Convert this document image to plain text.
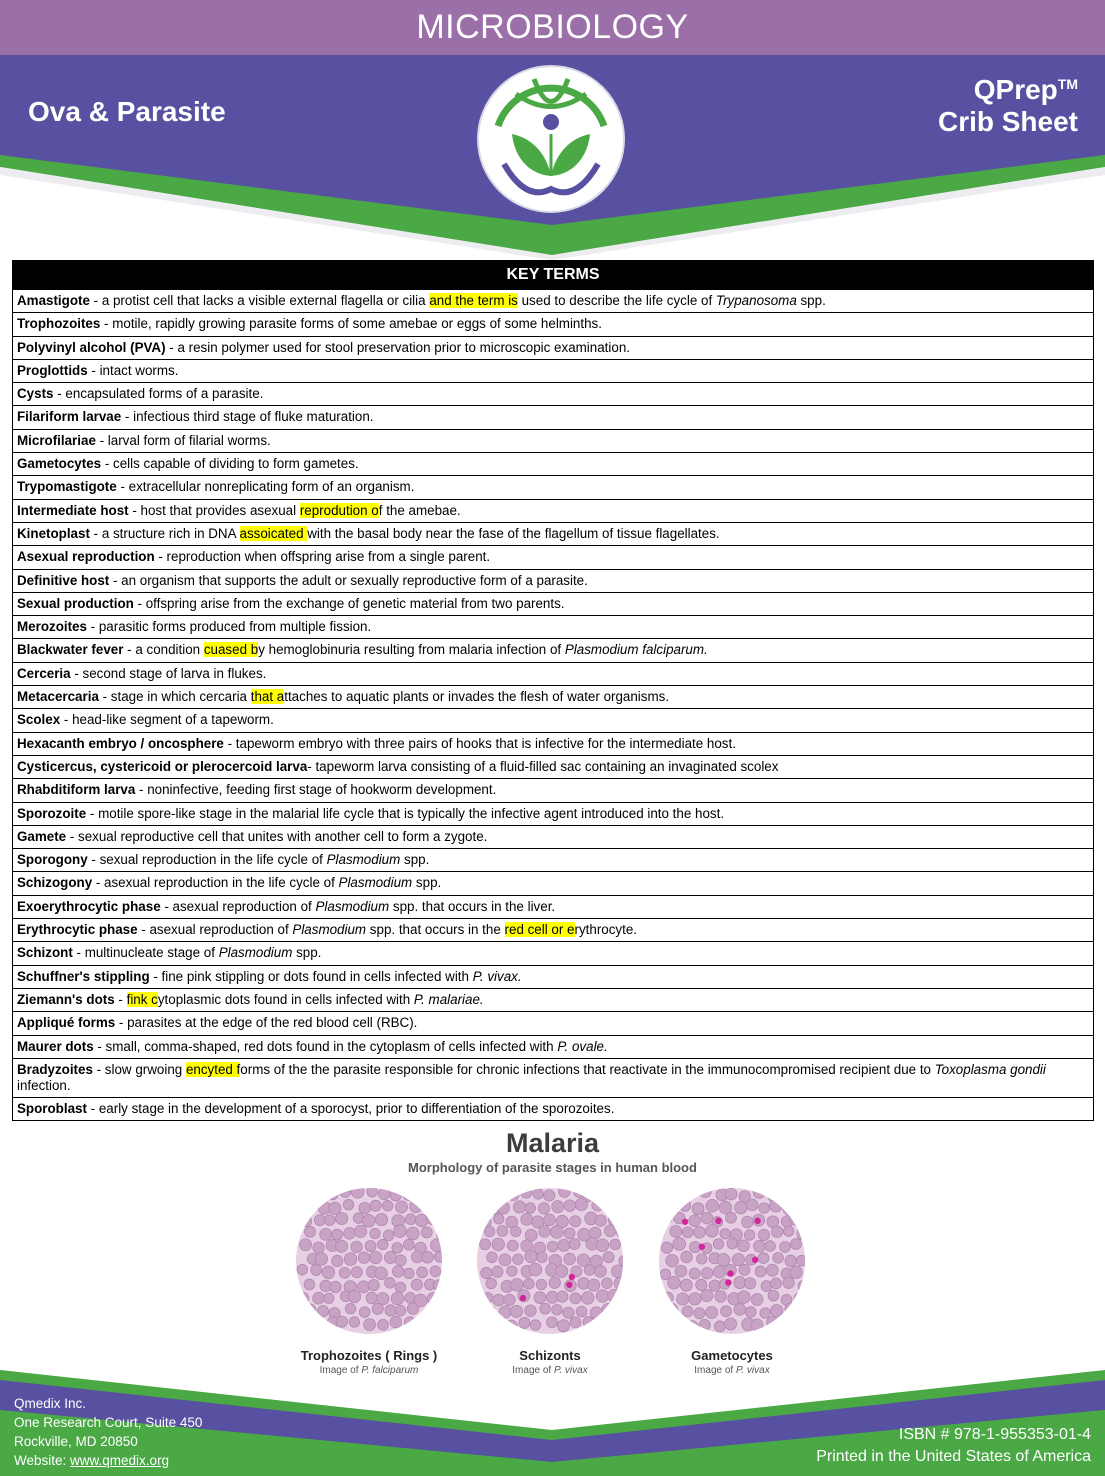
MICROBIOLOGY
Ova & Parasite
QPrep™
Crib Sheet
KEY TERMS
Amastigote - a protist cell that lacks a visible external flagella or cilia and the term is used to describe the life cycle of Trypanosoma spp.
Trophozoites - motile, rapidly growing parasite forms of some amebae or eggs of some helminths.
Polyvinyl alcohol (PVA) - a resin polymer used for stool preservation prior to microscopic examination.
Proglottids - intact worms.
Cysts - encapsulated forms of a parasite.
Filariform larvae - infectious third stage of fluke maturation.
Microfilariae - larval form of filarial worms.
Gametocytes - cells capable of dividing to form gametes.
Trypomastigote - extracellular nonreplicating form of an organism.
Intermediate host - host that provides asexual reprodution of the amebae.
Kinetoplast - a structure rich in DNA assoicated with the basal body near the fase of the flagellum of tissue flagellates.
Asexual reproduction - reproduction when offspring arise from a single parent.
Definitive host - an organism that supports the adult or sexually reproductive form of a parasite.
Sexual production - offspring arise from the exchange of genetic material from two parents.
Merozoites - parasitic forms produced from multiple fission.
Blackwater fever - a condition cuased by hemoglobinuria resulting from malaria infection of Plasmodium falciparum.
Cerceria - second stage of larva in flukes.
Metacercaria - stage in which cercaria that attaches to aquatic plants or invades the flesh of water organisms.
Scolex - head-like segment of a tapeworm.
Hexacanth embryo / oncosphere - tapeworm embryo with three pairs of hooks that is infective for the intermediate host.
Cysticercus, cystericoid or plerocercoid larva- tapeworm larva consisting of a fluid-filled sac containing an invaginated scolex
Rhabditiform larva - noninfective, feeding first stage of hookworm development.
Sporozoite - motile spore-like stage in the malarial life cycle that is typically the infective agent introduced into the host.
Gamete - sexual reproductive cell that unites with another cell to form a zygote.
Sporogony - sexual reproduction in the life cycle of Plasmodium spp.
Schizogony - asexual reproduction in the life cycle of Plasmodium spp.
Exoerythrocytic phase - asexual reproduction of Plasmodium spp. that occurs in the liver.
Erythrocytic phase - asexual reproduction of Plasmodium spp. that occurs in the red cell or erythrocyte.
Schizont - multinucleate stage of Plasmodium spp.
Schuffner's stippling - fine pink stippling or dots found in cells infected with P. vivax.
Ziemann's dots - fink cytoplasmic dots found in cells infected with P. malariae.
Appliqué forms - parasites at the edge of the red blood cell (RBC).
Maurer dots - small, comma-shaped, red dots found in the cytoplasm of cells infected with P. ovale.
Bradyzoites - slow grwoing encyted forms of the the parasite responsible for chronic infections that reactivate in the immunocompromised recipient due to Toxoplasma gondii infection.
Sporoblast - early stage in the development of a sporocyst, prior to differentiation of the sporozoites.
Malaria
Morphology of parasite stages in human blood
Trophozoites ( Rings )
Image of P. falciparum
Schizonts
Image of P. vivax
Gametocytes
Image of P. vivax
Qmedix Inc.
One Research Court, Suite 450
Rockville, MD 20850
Website: www.qmedix.org
ISBN # 978-1-955353-01-4
Printed in the United States of America
